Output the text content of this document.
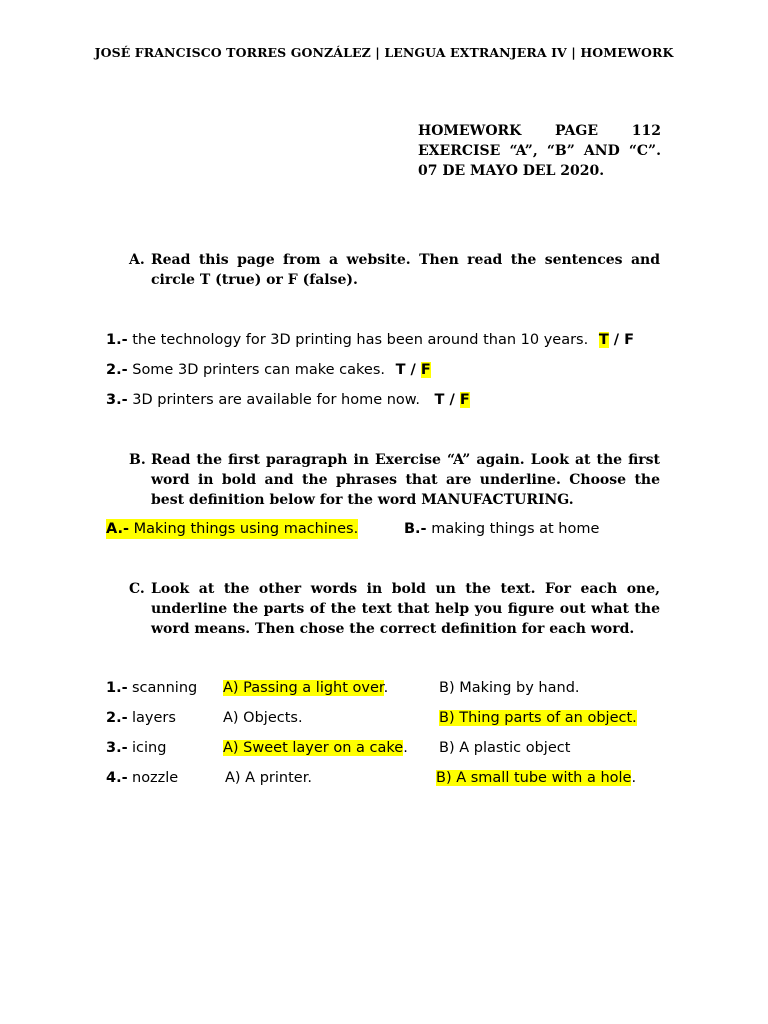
JOSÉ FRANCISCO TORRES GONZÁLEZ | LENGUA EXTRANJERA IV | HOMEWORK
HOMEWORK PAGE 112
EXERCISE “A”, “B” AND “C”.
07 DE MAYO DEL 2020.
A. Read this page from a website. Then read the sentences and circle T (true) or F (false).
1.- the technology for 3D printing has been around than 10 years. T / F
2.- Some 3D printers can make cakes. T / F
3.- 3D printers are available for home now. T / F
B. Read the first paragraph in Exercise “A” again. Look at the first word in bold and the phrases that are underline. Choose the best definition below for the word MANUFACTURING.
A.- Making things using machines.	B.- making things at home
C. Look at the other words in bold un the text. For each one, underline the parts of the text that help you figure out what the word means. Then chose the correct definition for each word.
1.- scanning A) Passing a light over.	B) Making by hand.
2.- layers	A) Objects.	B) Thing parts of an object.
3.- icing	A) Sweet layer on a cake. B) A plastic object
4.- nozzle	A) A printer.	B) A small tube with a hole.
